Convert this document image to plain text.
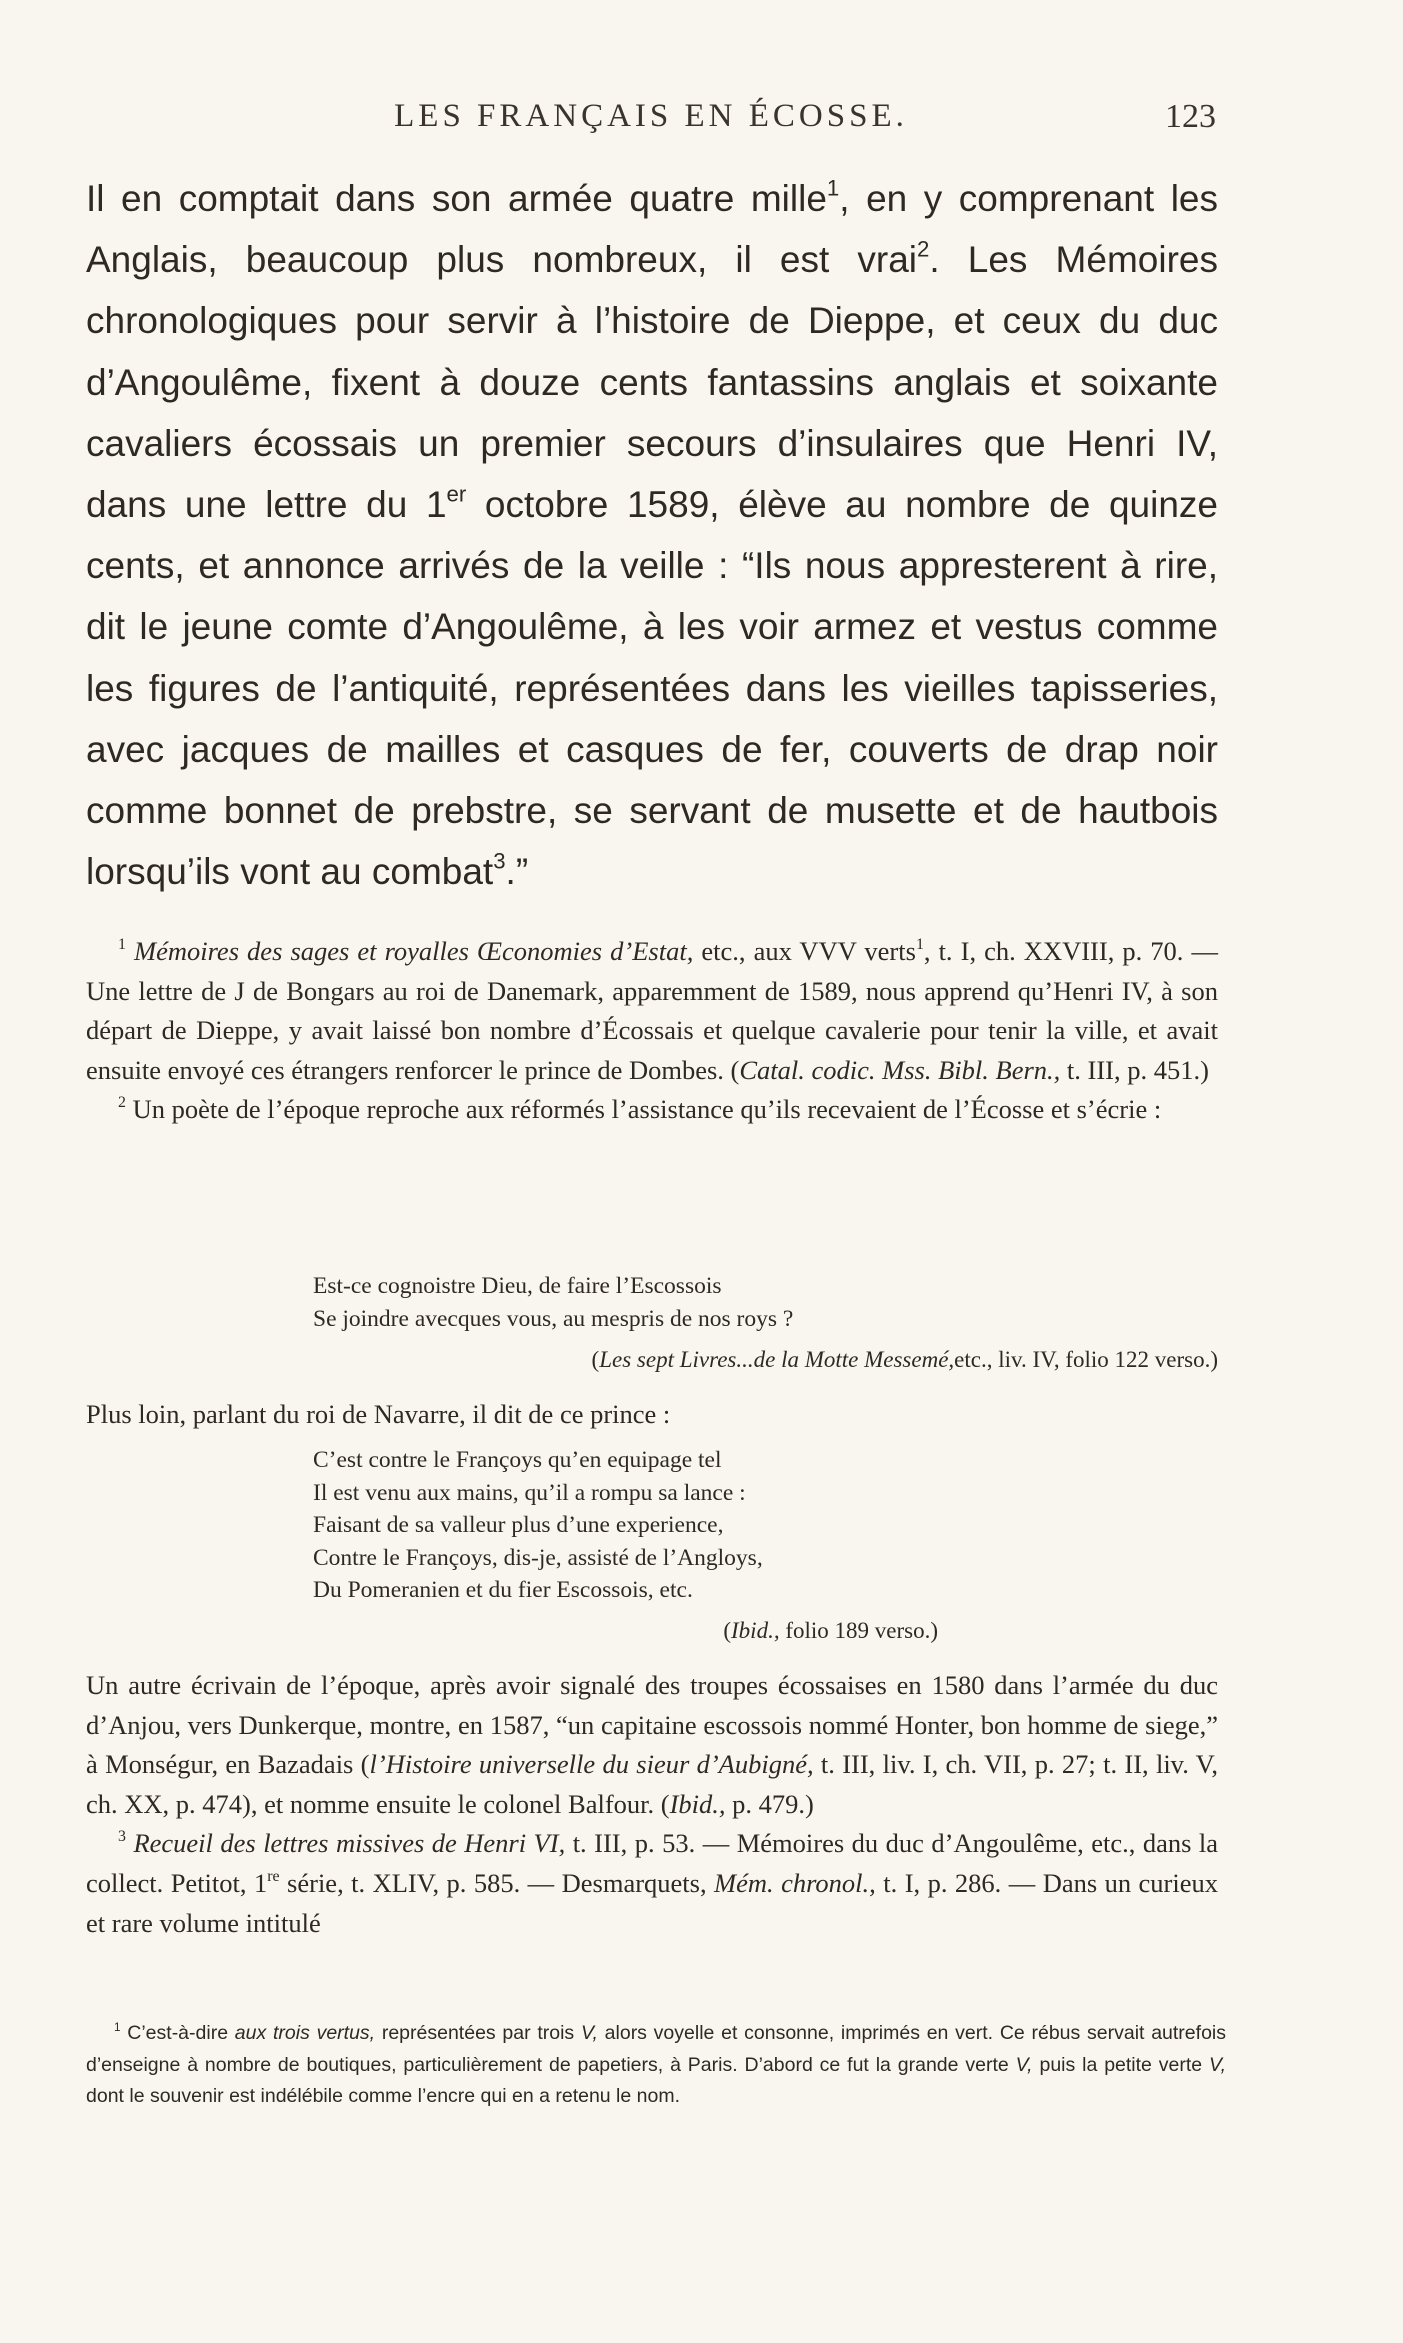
LES FRANÇAIS EN ÉCOSSE.	123

Il en comptait dans son armée quatre mille$^1$, en y comprenant les Anglais, beaucoup plus nombreux, il est vrai$^2$. Les Mémoires chronologiques pour servir à l’histoire de Dieppe, et ceux du duc d’Angoulême, fixent à douze cents fantassins anglais et soixante cavaliers écossais un premier secours d’insulaires que Henri IV, dans une lettre du 1er octobre 1589, élève au nombre de quinze cents, et annonce arrivés de la veille : “Ils nous appresterent à rire, dit le jeune comte d’Angoulême, à les voir armez et vestus comme les figures de l’antiquité, représentées dans les vieilles tapisseries, avec jacques de mailles et casques de fer, couverts de drap noir comme bonnet de prebstre, se servant de musette et de hautbois lorsqu’ils vont au combat$^3$.”

$^1$ Mémoires des sages et royalles Œconomies d’Estat, etc., aux VVV verts$^1$, t. I, ch. XXVIII, p. 70. — Une lettre de J de Bongars au roi de Danemark, apparemment de 1589, nous apprend qu’Henri IV, à son départ de Dieppe, y avait laissé bon nombre d’Écossais et quelque cavalerie pour tenir la ville, et avait ensuite envoyé ces étrangers renforcer le prince de Dombes. (Catal. codic. Mss. Bibl. Bern., t. III, p. 451.)

$^2$ Un poète de l’époque reproche aux réformés l’assistance qu’ils recevaient de l’Écosse et s’écrie :

Est-ce cognoistre Dieu, de faire l’Escossois
Se joindre avecques vous, au mespris de nos roys ?
(Les sept Livres...de la Motte Messemé,etc., liv. IV, folio 122 verso.)

Plus loin, parlant du roi de Navarre, il dit de ce prince :

C’est contre le Françoys qu’en equipage tel
Il est venu aux mains, qu’il a rompu sa lance :
Faisant de sa valleur plus d’une experience,
Contre le Françoys, dis-je, assisté de l’Angloys,
Du Pomeranien et du fier Escossois, etc.
(Ibid., folio 189 verso.)

Un autre écrivain de l’époque, après avoir signalé des troupes écossaises en 1580 dans l’armée du duc d’Anjou, vers Dunkerque, montre, en 1587, “un capitaine escossois nommé Honter, bon homme de siege,” à Monségur, en Bazadais (l’Histoire universelle du sieur d’Aubigné, t. III, liv. I, ch. VII, p. 27; t. II, liv. V, ch. XX, p. 474), et nomme ensuite le colonel Balfour. (Ibid., p. 479.)

$^3$ Recueil des lettres missives de Henri VI, t. III, p. 53. — Mémoires du duc d’Angoulême, etc., dans la collect. Petitot, 1re série, t. XLIV, p. 585. — Desmarquets, Mém. chronol., t. I, p. 286. — Dans un curieux et rare volume intitulé

$^1$ C’est-à-dire aux trois vertus, représentées par trois V, alors voyelle et consonne, imprimés en vert. Ce rébus servait autrefois d’enseigne à nombre de boutiques, particulièrement de papetiers, à Paris. D’abord ce fut la grande verte V, puis la petite verte V, dont le souvenir est indélébile comme l’encre qui en a retenu le nom.
